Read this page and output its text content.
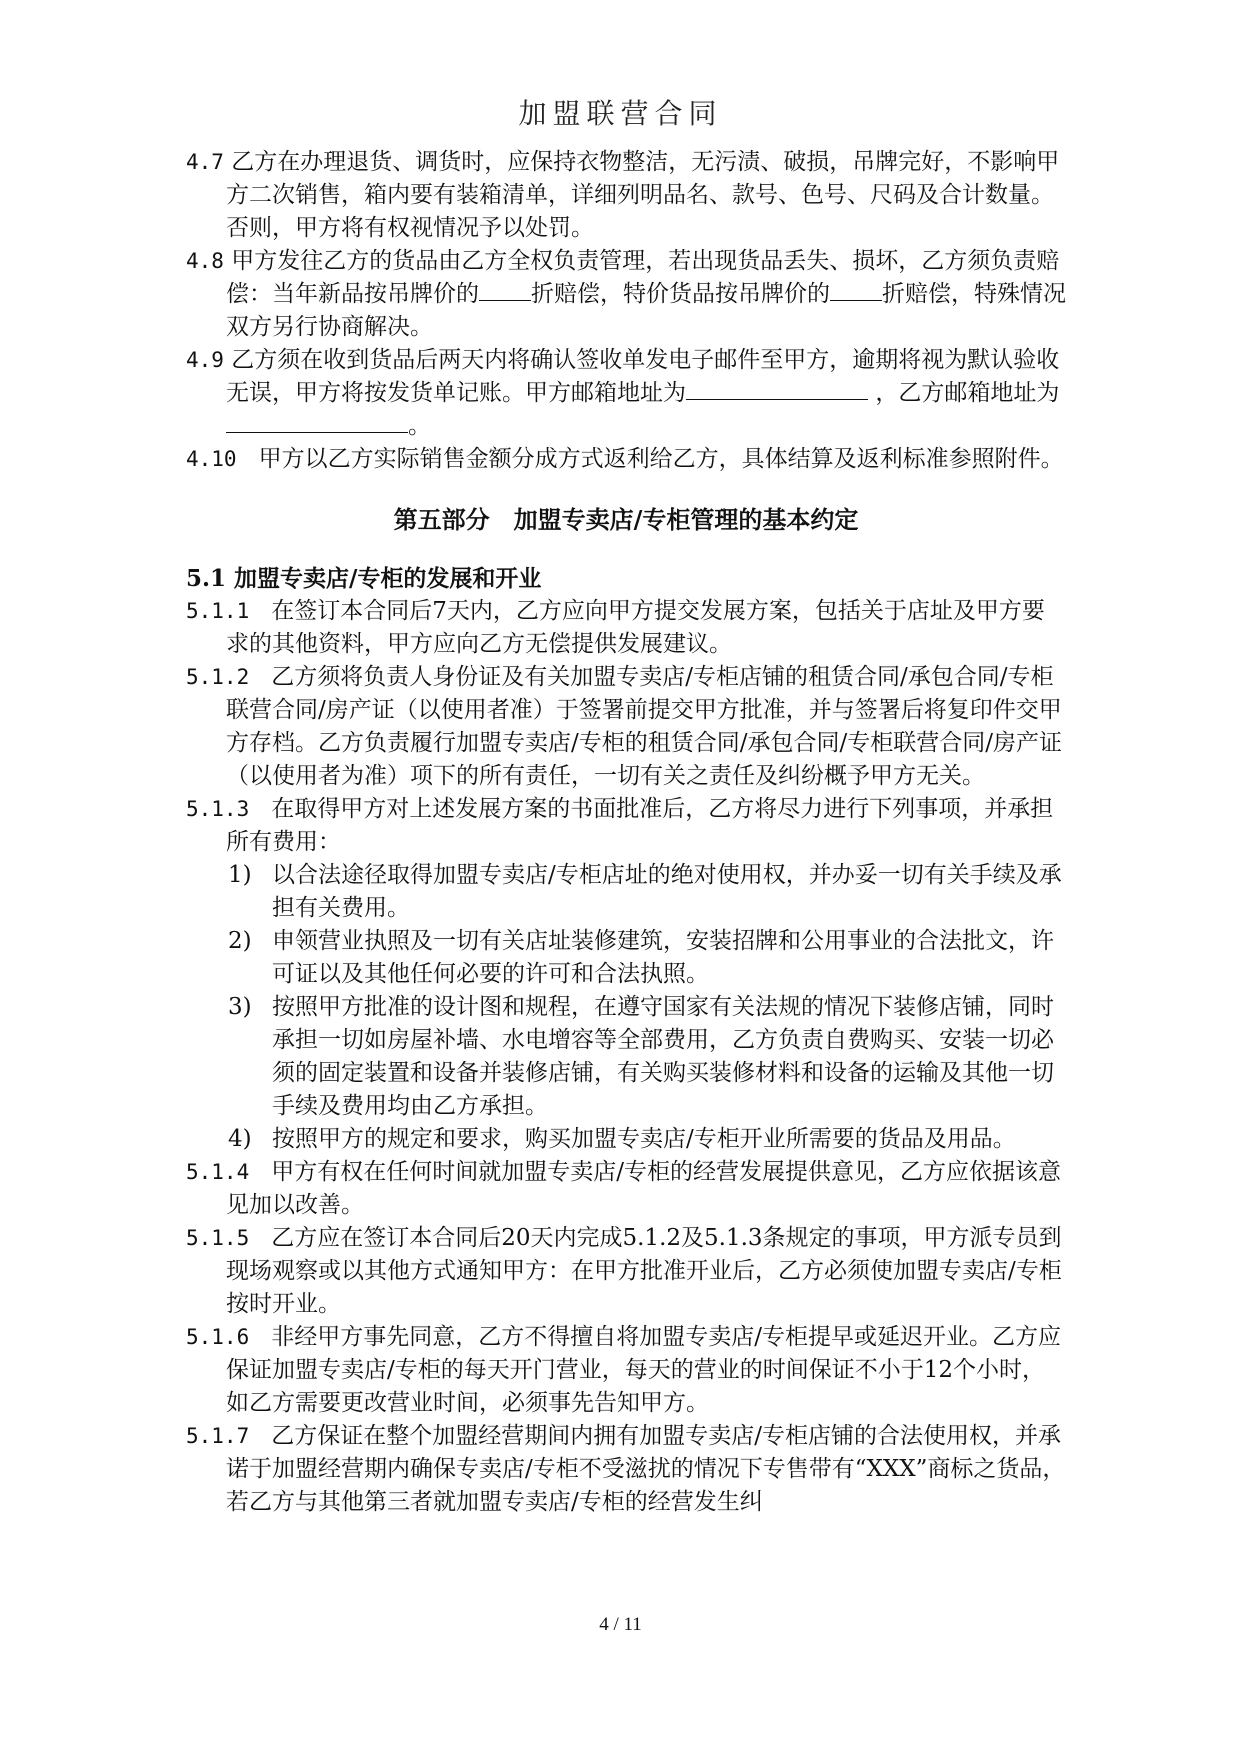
加盟联营合同

4.7 乙方在办理退货、调货时，应保持衣物整洁，无污渍、破损，吊牌完好，不影响甲方二次销售，箱内要有装箱清单，详细列明品名、款号、色号、尺码及合计数量。否则，甲方将有权视情况予以处罚。

4.8 甲方发往乙方的货品由乙方全权负责管理，若出现货品丢失、损坏，乙方须负责赔偿：当年新品按吊牌价的 折赔偿，特价货品按吊牌价的 折赔偿，特殊情况双方另行协商解决。

4.9 乙方须在收到货品后两天内将确认签收单发电子邮件至甲方，逾期将视为默认验收无误，甲方将按发货单记账。甲方邮箱地址为	，乙方邮箱地址为。

4.10 甲方以乙方实际销售金额分成方式返利给乙方，具体结算及返利标准参照附件。

第五部分　加盟专卖店/专柜管理的基本约定

5.1 加盟专卖店/专柜的发展和开业

5.1.1 在签订本合同后7天内，乙方应向甲方提交发展方案，包括关于店址及甲方要求的其他资料，甲方应向乙方无偿提供发展建议。

5.1.2 乙方须将负责人身份证及有关加盟专卖店/专柜店铺的租赁合同/承包合同/专柜联营合同/房产证（以使用者准）于签署前提交甲方批准，并与签署后将复印件交甲方存档。乙方负责履行加盟专卖店/专柜的租赁合同/承包合同/专柜联营合同/房产证（以使用者为准）项下的所有责任，一切有关之责任及纠纷概予甲方无关。

5.1.3 在取得甲方对上述发展方案的书面批准后，乙方将尽力进行下列事项，并承担所有费用：

1) 以合法途径取得加盟专卖店/专柜店址的绝对使用权，并办妥一切有关手续及承担有关费用。

2) 申领营业执照及一切有关店址装修建筑，安装招牌和公用事业的合法批文，许可证以及其他任何必要的许可和合法执照。

3) 按照甲方批准的设计图和规程，在遵守国家有关法规的情况下装修店铺，同时承担一切如房屋补墙、水电增容等全部费用，乙方负责自费购买、安装一切必须的固定装置和设备并装修店铺，有关购买装修材料和设备的运输及其他一切手续及费用均由乙方承担。

4) 按照甲方的规定和要求，购买加盟专卖店/专柜开业所需要的货品及用品。

5.1.4 甲方有权在任何时间就加盟专卖店/专柜的经营发展提供意见，乙方应依据该意见加以改善。

5.1.5 乙方应在签订本合同后20天内完成5.1.2及5.1.3条规定的事项，甲方派专员到现场观察或以其他方式通知甲方：在甲方批准开业后，乙方必须使加盟专卖店/专柜按时开业。

5.1.6 非经甲方事先同意，乙方不得擅自将加盟专卖店/专柜提早或延迟开业。乙方应保证加盟专卖店/专柜的每天开门营业，每天的营业的时间保证不小于12个小时，如乙方需要更改营业时间，必须事先告知甲方。

5.1.7 乙方保证在整个加盟经营期间内拥有加盟专卖店/专柜店铺的合法使用权，并承诺于加盟经营期内确保专卖店/专柜不受滋扰的情况下专售带有“XXX”商标之货品，若乙方与其他第三者就加盟专卖店/专柜的经营发生纠

4 / 11
